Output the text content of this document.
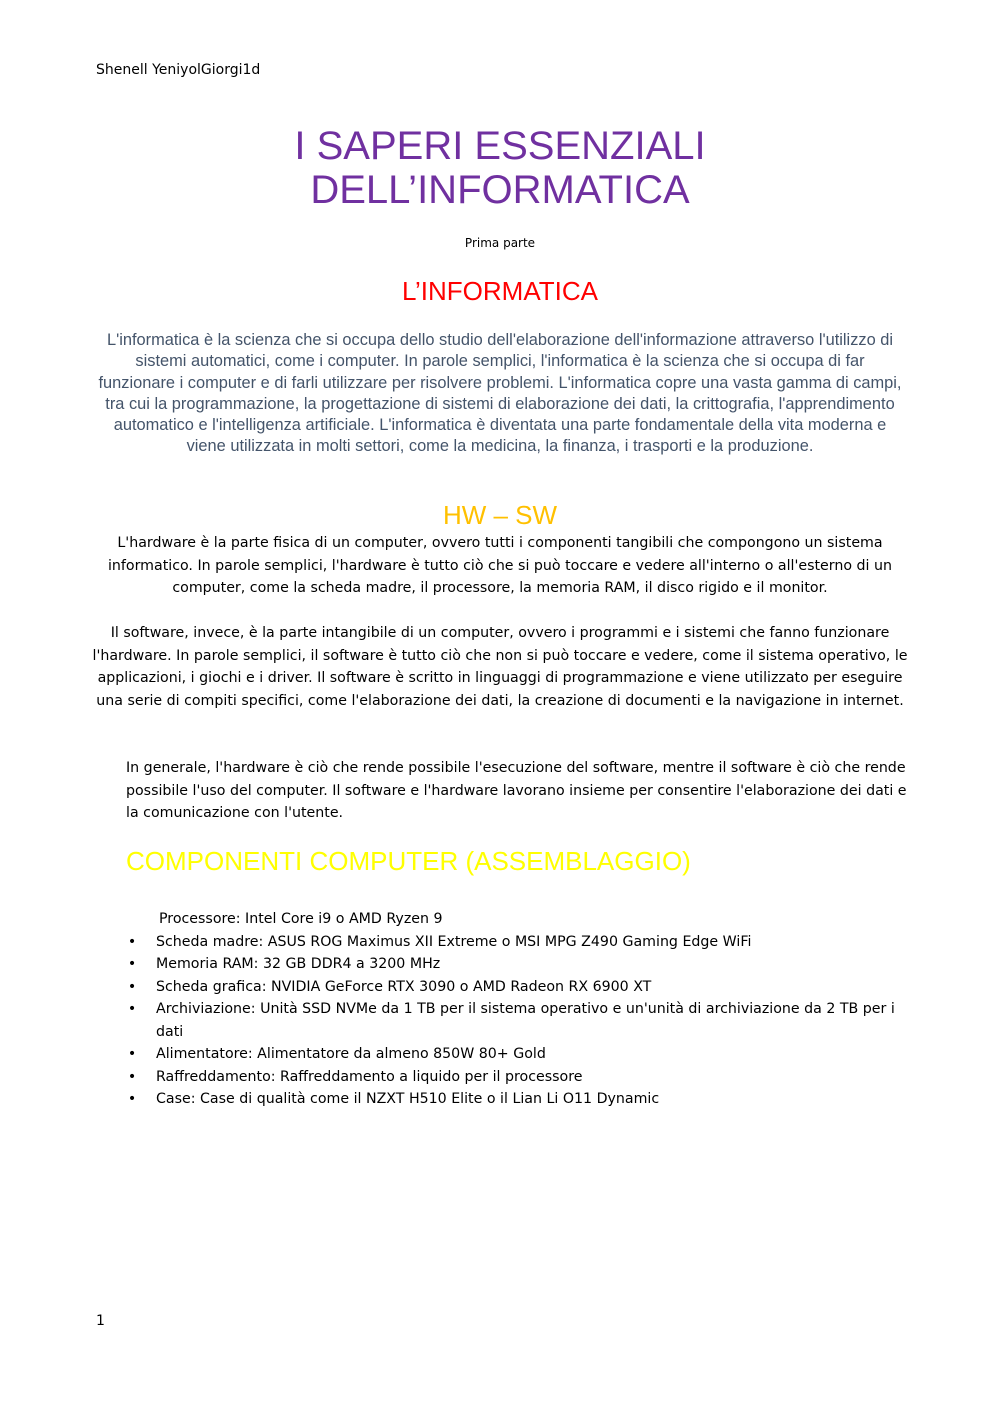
Shenell YeniyolGiorgi1d
I SAPERI ESSENZIALI
DELL’INFORMATICA
Prima parte
L’INFORMATICA

L'informatica è la scienza che si occupa dello studio dell'elaborazione dell'informazione attraverso l'utilizzo di sistemi automatici, come i computer. In parole semplici, l'informatica è la scienza che si occupa di far funzionare i computer e di farli utilizzare per risolvere problemi. L'informatica copre una vasta gamma di campi, tra cui la programmazione, la progettazione di sistemi di elaborazione dei dati, la crittografia, l'apprendimento automatico e l'intelligenza artificiale. L'informatica è diventata una parte fondamentale della vita moderna e viene utilizzata in molti settori, come la medicina, la finanza, i trasporti e la produzione.

HW – SW

L'hardware è la parte fisica di un computer, ovvero tutti i componenti tangibili che compongono un sistema informatico. In parole semplici, l'hardware è tutto ciò che si può toccare e vedere all'interno o all'esterno di un computer, come la scheda madre, il processore, la memoria RAM, il disco rigido e il monitor.

Il software, invece, è la parte intangibile di un computer, ovvero i programmi e i sistemi che fanno funzionare l'hardware. In parole semplici, il software è tutto ciò che non si può toccare e vedere, come il sistema operativo, le applicazioni, i giochi e i driver. Il software è scritto in linguaggi di programmazione e viene utilizzato per eseguire una serie di compiti specifici, come l'elaborazione dei dati, la creazione di documenti e la navigazione in internet.

In generale, l'hardware è ciò che rende possibile l'esecuzione del software, mentre il software è ciò che rende possibile l'uso del computer. Il software e l'hardware lavorano insieme per consentire l'elaborazione dei dati e la comunicazione con l'utente.

COMPONENTI COMPUTER (ASSEMBLAGGIO)
Processore: Intel Core i9 o AMD Ryzen 9
• Scheda madre: ASUS ROG Maximus XII Extreme o MSI MPG Z490 Gaming Edge WiFi
• Memoria RAM: 32 GB DDR4 a 3200 MHz
• Scheda grafica: NVIDIA GeForce RTX 3090 o AMD Radeon RX 6900 XT
• Archiviazione: Unità SSD NVMe da 1 TB per il sistema operativo e un'unità di archiviazione da 2 TB per i dati
• Alimentatore: Alimentatore da almeno 850W 80+ Gold
• Raffreddamento: Raffreddamento a liquido per il processore
• Case: Case di qualità come il NZXT H510 Elite o il Lian Li O11 Dynamic
1
